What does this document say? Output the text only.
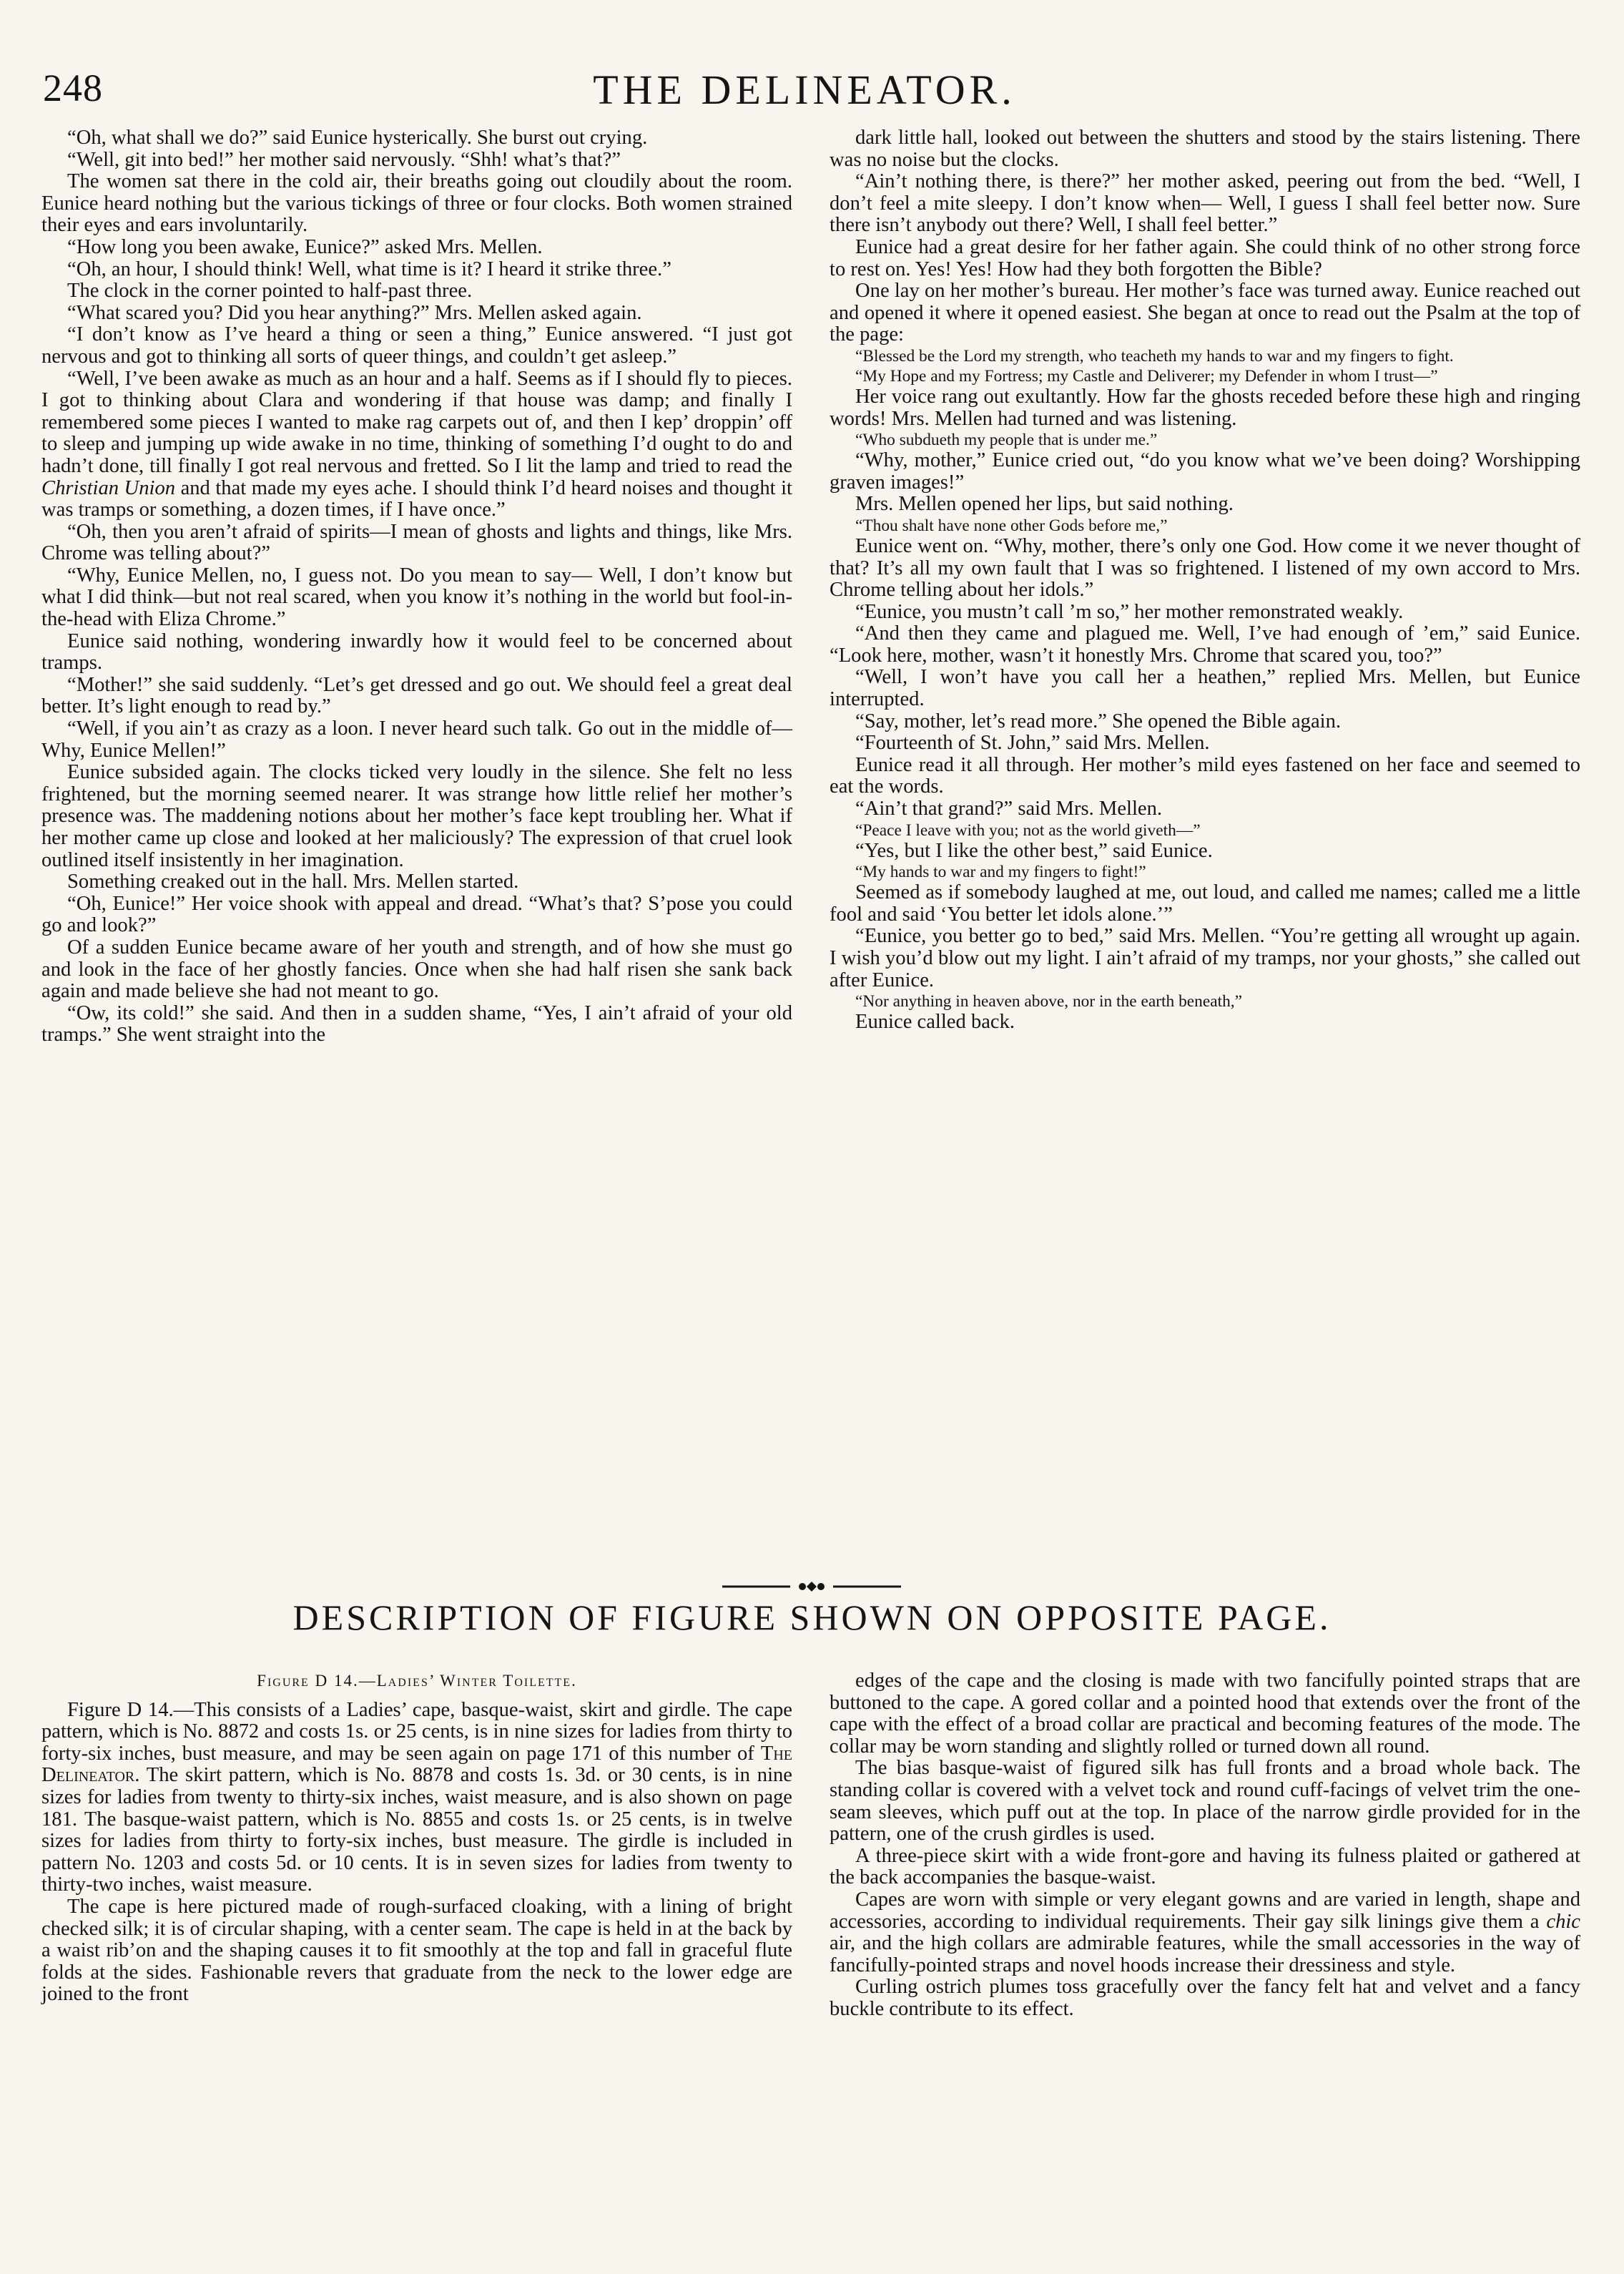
248	THE DELINEATOR.

“Oh, what shall we do?” said Eunice hysterically. She burst out crying.

“Well, git into bed!” her mother said nervously. “Shh! what’s that?”

The women sat there in the cold air, their breaths going out cloudily about the room. Eunice heard nothing but the various tickings of three or four clocks. Both women strained their eyes and ears involuntarily.

“How long you been awake, Eunice?” asked Mrs. Mellen.

“Oh, an hour, I should think! Well, what time is it? I heard it strike three.”

The clock in the corner pointed to half-past three.

“What scared you? Did you hear anything?” Mrs. Mellen asked again.

“I don’t know as I’ve heard a thing or seen a thing,” Eunice answered. “I just got nervous and got to thinking all sorts of queer things, and couldn’t get asleep.”

“Well, I’ve been awake as much as an hour and a half. Seems as if I should fly to pieces. I got to thinking about Clara and wondering if that house was damp; and finally I remembered some pieces I wanted to make rag carpets out of, and then I kep’ droppin’ off to sleep and jumping up wide awake in no time, thinking of something I’d ought to do and hadn’t done, till finally I got real nervous and fretted. So I lit the lamp and tried to read the Christian Union and that made my eyes ache. I should think I’d heard noises and thought it was tramps or something, a dozen times, if I have once.”

“Oh, then you aren’t afraid of spirits—I mean of ghosts and lights and things, like Mrs. Chrome was telling about?”

“Why, Eunice Mellen, no, I guess not. Do you mean to say— Well, I don’t know but what I did think—but not real scared, when you know it’s nothing in the world but fool-in-the-head with Eliza Chrome.”

Eunice said nothing, wondering inwardly how it would feel to be concerned about tramps.

“Mother!” she said suddenly. “Let’s get dressed and go out. We should feel a great deal better. It’s light enough to read by.”

“Well, if you ain’t as crazy as a loon. I never heard such talk. Go out in the middle of— Why, Eunice Mellen!”

Eunice subsided again. The clocks ticked very loudly in the silence. She felt no less frightened, but the morning seemed nearer. It was strange how little relief her mother’s presence was. The maddening notions about her mother’s face kept troubling her. What if her mother came up close and looked at her maliciously? The expression of that cruel look outlined itself insistently in her imagination.

Something creaked out in the hall. Mrs. Mellen started.

“Oh, Eunice!” Her voice shook with appeal and dread. “What’s that? S’pose you could go and look?”

Of a sudden Eunice became aware of her youth and strength, and of how she must go and look in the face of her ghostly fancies. Once when she had half risen she sank back again and made believe she had not meant to go.

“Ow, its cold!” she said. And then in a sudden shame, “Yes, I ain’t afraid of your old tramps.” She went straight into the

dark little hall, looked out between the shutters and stood by the stairs listening. There was no noise but the clocks.

“Ain’t nothing there, is there?” her mother asked, peering out from the bed. “Well, I don’t feel a mite sleepy. I don’t know when— Well, I guess I shall feel better now. Sure there isn’t anybody out there? Well, I shall feel better.”

Eunice had a great desire for her father again. She could think of no other strong force to rest on. Yes! Yes! How had they both forgotten the Bible?

One lay on her mother’s bureau. Her mother’s face was turned away. Eunice reached out and opened it where it opened easiest. She began at once to read out the Psalm at the top of the page:

“Blessed be the Lord my strength, who teacheth my hands to war and my fingers to fight.

“My Hope and my Fortress; my Castle and Deliverer; my Defender in whom I trust—”

Her voice rang out exultantly. How far the ghosts receded before these high and ringing words! Mrs. Mellen had turned and was listening.

“Who subdueth my people that is under me.”

“Why, mother,” Eunice cried out, “do you know what we’ve been doing? Worshipping graven images!”

Mrs. Mellen opened her lips, but said nothing.

“Thou shalt have none other Gods before me,”

Eunice went on. “Why, mother, there’s only one God. How come it we never thought of that? It’s all my own fault that I was so frightened. I listened of my own accord to Mrs. Chrome telling about her idols.”

“Eunice, you mustn’t call ’m so,” her mother remonstrated weakly.

“And then they came and plagued me. Well, I’ve had enough of ’em,” said Eunice. “Look here, mother, wasn’t it honestly Mrs. Chrome that scared you, too?”

“Well, I won’t have you call her a heathen,” replied Mrs. Mellen, but Eunice interrupted.

“Say, mother, let’s read more.” She opened the Bible again.

“Fourteenth of St. John,” said Mrs. Mellen.

Eunice read it all through. Her mother’s mild eyes fastened on her face and seemed to eat the words.

“Ain’t that grand?” said Mrs. Mellen.

“Peace I leave with you; not as the world giveth—”

“Yes, but I like the other best,” said Eunice.

“My hands to war and my fingers to fight!”

Seemed as if somebody laughed at me, out loud, and called me names; called me a little fool and said ‘You better let idols alone.’”

“Eunice, you better go to bed,” said Mrs. Mellen. “You’re getting all wrought up again. I wish you’d blow out my light. I ain’t afraid of my tramps, nor your ghosts,” she called out after Eunice.

“Nor anything in heaven above, nor in the earth beneath,”

Eunice called back.

DESCRIPTION OF FIGURE SHOWN ON OPPOSITE PAGE.
Figure D 14.—Ladies’ Winter Toilette.

Figure D 14.—This consists of a Ladies’ cape, basque-waist, skirt and girdle. The cape pattern, which is No. 8872 and costs 1s. or 25 cents, is in nine sizes for ladies from thirty to forty-six inches, bust measure, and may be seen again on page 171 of this number of The Delineator. The skirt pattern, which is No. 8878 and costs 1s. 3d. or 30 cents, is in nine sizes for ladies from twenty to thirty-six inches, waist measure, and is also shown on page 181. The basque-waist pattern, which is No. 8855 and costs 1s. or 25 cents, is in twelve sizes for ladies from thirty to forty-six inches, bust measure. The girdle is included in pattern No. 1203 and costs 5d. or 10 cents. It is in seven sizes for ladies from twenty to thirty-two inches, waist measure.

The cape is here pictured made of rough-surfaced cloaking, with a lining of bright checked silk; it is of circular shaping, with a center seam. The cape is held in at the back by a waist rib’on and the shaping causes it to fit smoothly at the top and fall in graceful flute folds at the sides. Fashionable revers that graduate from the neck to the lower edge are joined to the front

edges of the cape and the closing is made with two fancifully pointed straps that are buttoned to the cape. A gored collar and a pointed hood that extends over the front of the cape with the effect of a broad collar are practical and becoming features of the mode. The collar may be worn standing and slightly rolled or turned down all round.

The bias basque-waist of figured silk has full fronts and a broad whole back. The standing collar is covered with a velvet tock and round cuff-facings of velvet trim the one-seam sleeves, which puff out at the top. In place of the narrow girdle provided for in the pattern, one of the crush girdles is used.

A three-piece skirt with a wide front-gore and having its fulness plaited or gathered at the back accompanies the basque-waist.

Capes are worn with simple or very elegant gowns and are varied in length, shape and accessories, according to individual requirements. Their gay silk linings give them a chic air, and the high collars are admirable features, while the small accessories in the way of fancifully-pointed straps and novel hoods increase their dressiness and style.

Curling ostrich plumes toss gracefully over the fancy felt hat and velvet and a fancy buckle contribute to its effect.
